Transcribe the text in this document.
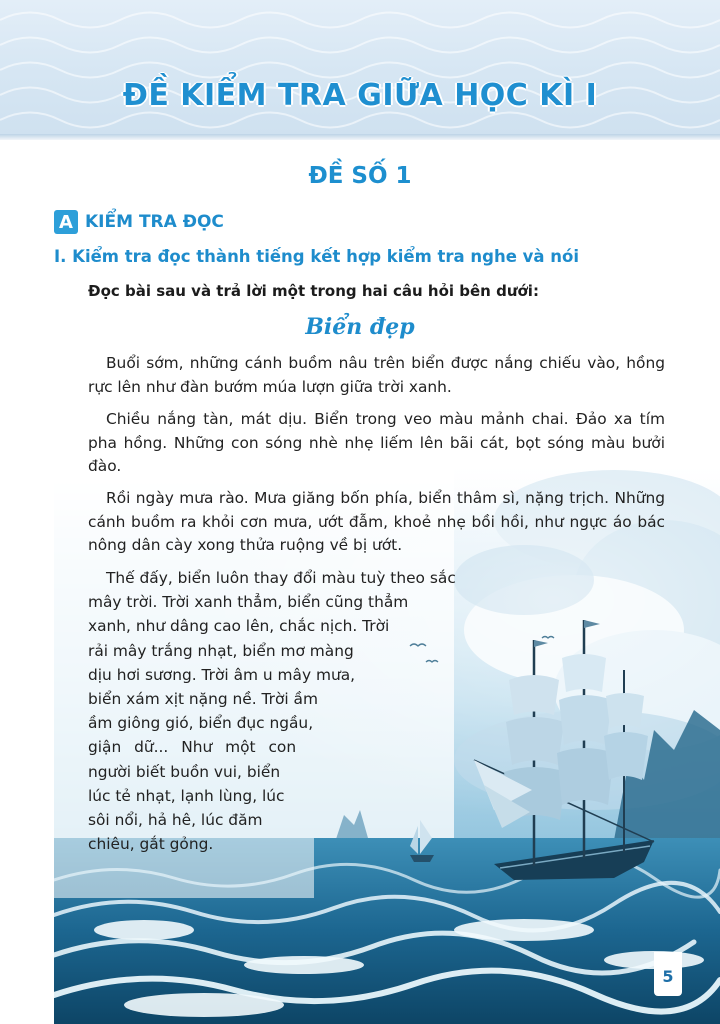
ĐỀ KIỂM TRA GIỮA HỌC KÌ I
ĐỀ SỐ 1
A KIỂM TRA ĐỌC
I. Kiểm tra đọc thành tiếng kết hợp kiểm tra nghe và nói

Đọc bài sau và trả lời một trong hai câu hỏi bên dưới:

Biển đẹp

Buổi sớm, những cánh buồm nâu trên biển được nắng chiếu vào, hồng rực lên như đàn bướm múa lượn giữa trời xanh.

Chiều nắng tàn, mát dịu. Biển trong veo màu mảnh chai. Đảo xa tím pha hồng. Những con sóng nhè nhẹ liếm lên bãi cát, bọt sóng màu bưởi đào.

Rồi ngày mưa rào. Mưa giăng bốn phía, biển thâm sì, nặng trịch. Những cánh buồm ra khỏi cơn mưa, ướt đẫm, khoẻ nhẹ bồi hồi, như ngực áo bác nông dân cày xong thửa ruộng về bị ướt.

Thế đấy, biển luôn thay đổi màu tuỳ theo sắc
mây trời. Trời xanh thẳm, biển cũng thẳm
xanh, như dâng cao lên, chắc nịch. Trời
rải mây trắng nhạt, biển mơ màng
dịu hơi sương. Trời âm u mây mưa,
biển xám xịt nặng nề. Trời ầm
ầm giông gió, biển đục ngầu,
giận dữ... Như một con
người biết buồn vui, biển
lúc tẻ nhạt, lạnh lùng, lúc
sôi nổi, hả hê, lúc đăm
chiêu, gắt gỏng.
5
